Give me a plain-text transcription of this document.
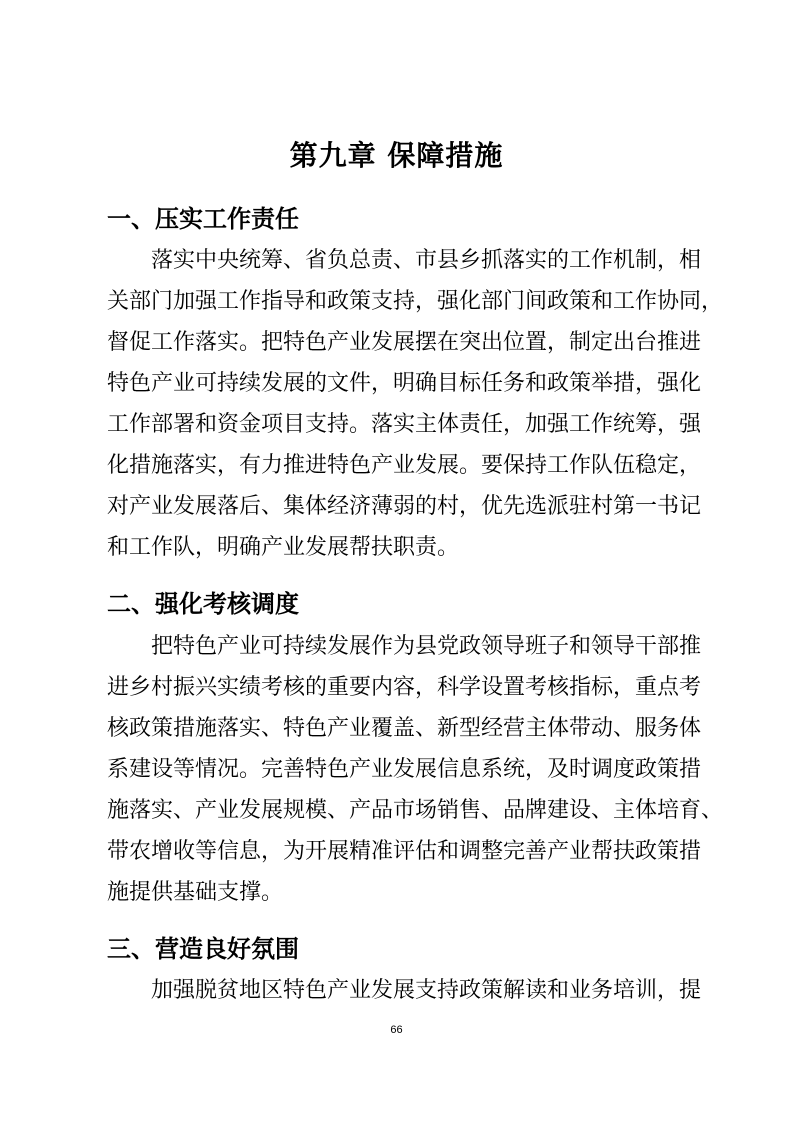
第九章 保障措施
一、压实工作责任
落实中央统筹、省负总责、市县乡抓落实的工作机制，相
关部门加强工作指导和政策支持，强化部门间政策和工作协同，
督促工作落实。把特色产业发展摆在突出位置，制定出台推进
特色产业可持续发展的文件，明确目标任务和政策举措，强化
工作部署和资金项目支持。落实主体责任，加强工作统筹，强
化措施落实，有力推进特色产业发展。要保持工作队伍稳定，
对产业发展落后、集体经济薄弱的村，优先选派驻村第一书记
和工作队，明确产业发展帮扶职责。
二、强化考核调度
把特色产业可持续发展作为县党政领导班子和领导干部推
进乡村振兴实绩考核的重要内容，科学设置考核指标，重点考
核政策措施落实、特色产业覆盖、新型经营主体带动、服务体
系建设等情况。完善特色产业发展信息系统，及时调度政策措
施落实、产业发展规模、产品市场销售、品牌建设、主体培育、
带农增收等信息，为开展精准评估和调整完善产业帮扶政策措
施提供基础支撑。
三、营造良好氛围
加强脱贫地区特色产业发展支持政策解读和业务培训，提
66
